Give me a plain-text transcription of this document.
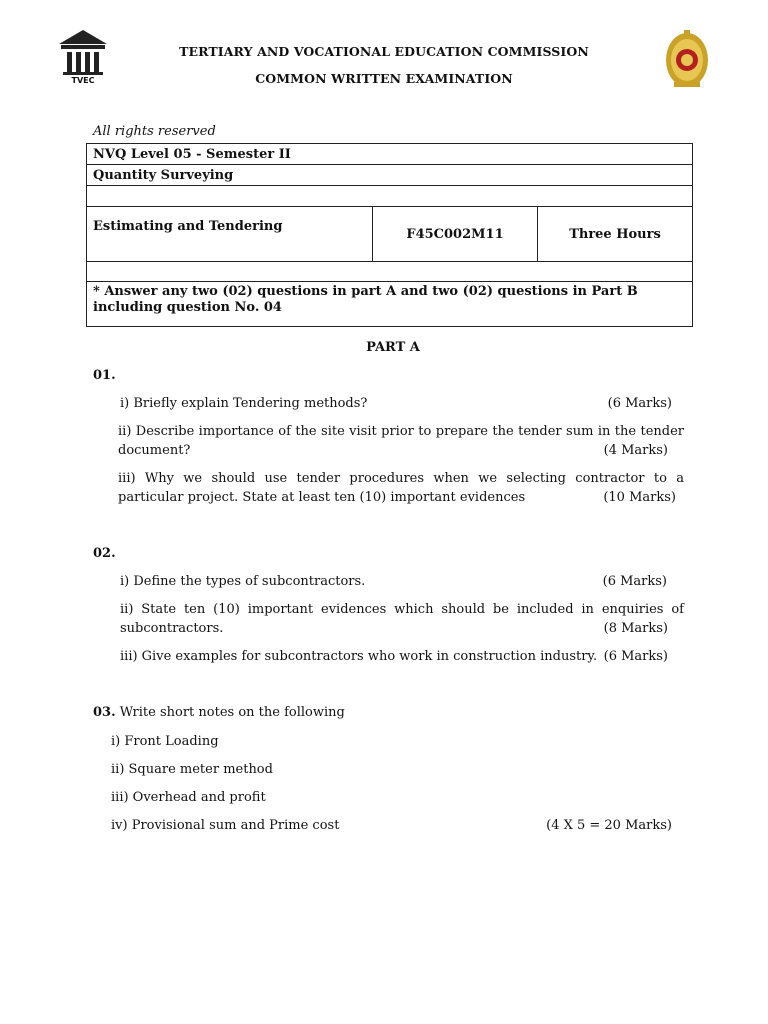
TVEC
TERTIARY AND VOCATIONAL EDUCATION COMMISSION
COMMON WRITTEN EXAMINATION
All rights reserved
NVQ Level 05 - Semester II
Quantity Surveying

Estimating and Tendering	F45C002M11	Three Hours

* Answer any two (02) questions in part A and two (02) questions in Part B
including question No. 04
PART A
01.
i) Briefly explain Tendering methods?	(6 Marks)
ii) Describe importance of the site visit prior to prepare the tender sum in the tender
document?	(4 Marks)
iii) Why we should use tender procedures when we selecting contractor to a
particular project. State at least ten (10) important evidences	(10 Marks)
02.
i) Define the types of subcontractors.	(6 Marks)
ii) State ten (10) important evidences which should be included in enquiries of
subcontractors.	(8 Marks)
iii) Give examples for subcontractors who work in construction industry. (6 Marks)
03. Write short notes on the following
i) Front Loading
ii) Square meter method
iii) Overhead and profit
iv) Provisional sum and Prime cost	(4 X 5 = 20 Marks)
